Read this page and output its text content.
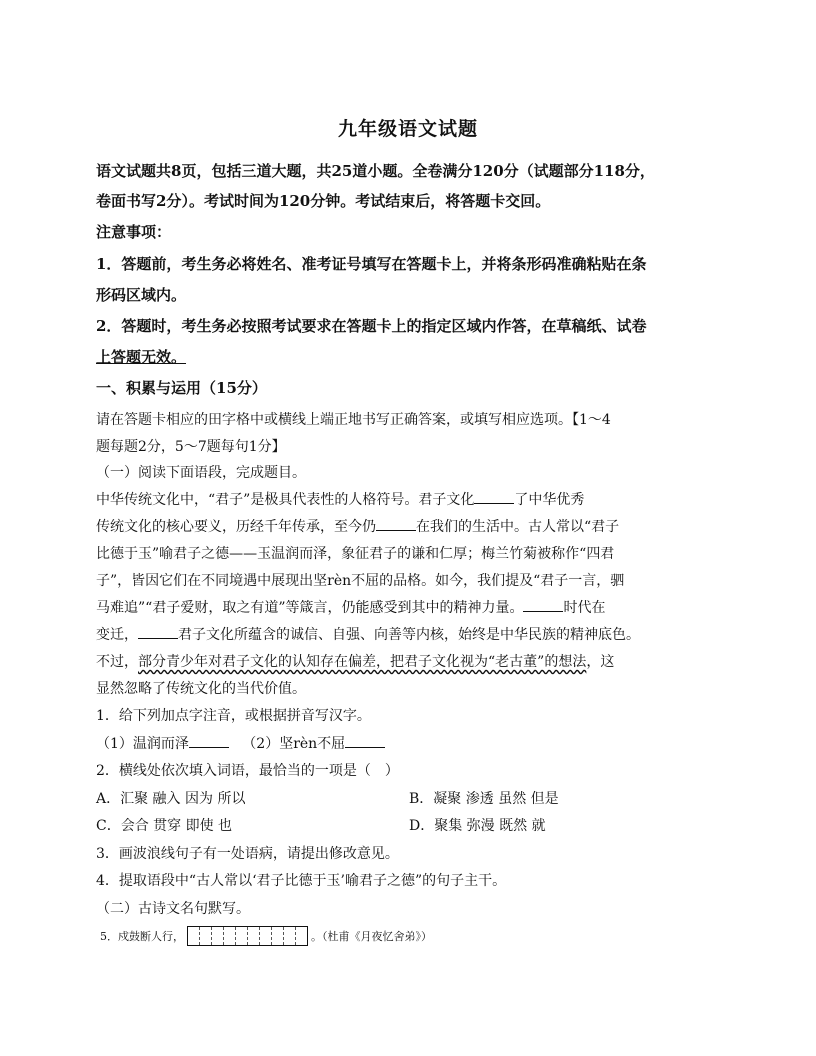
九年级语文试题
语文试题共8页，包括三道大题，共25道小题。全卷满分120分（试题部分118分，
卷面书写2分）。考试时间为120分钟。考试结束后，将答题卡交回。
注意事项：
1．答题前，考生务必将姓名、准考证号填写在答题卡上，并将条形码准确粘贴在条
形码区域内。
2．答题时，考生务必按照考试要求在答题卡上的指定区域内作答，在草稿纸、试卷
上答题无效。
一、积累与运用（15分）
请在答题卡相应的田字格中或横线上端正地书写正确答案，或填写相应选项。【1～4
题每题2分，5～7题每句1分】
（一）阅读下面语段，完成题目。
中华传统文化中，“君子”是极具代表性的人格符号。君子文化	了中华优秀
传统文化的核心要义，历经千年传承，至今仍	在我们的生活中。古人常以“君子
比德于玉”喻君子之德——玉温润而泽，象征君子的谦和仁厚；梅兰竹菊被称作“四君
子”，皆因它们在不同境遇中展现出坚rèn不屈的品格。如今，我们提及“君子一言，驷
马难追”“君子爱财，取之有道”等箴言，仍能感受到其中的精神力量。	时代在
变迁，	君子文化所蕴含的诚信、自强、向善等内核，始终是中华民族的精神底色。
不过，部分青少年对君子文化的认知存在偏差，把君子文化视为“老古董”的想法，这
显然忽略了传统文化的当代价值。
1．给下列加点字注音，或根据拼音写汉字。
（1）温润而泽	（2）坚rèn不屈
2．横线处依次填入词语，最恰当的一项是（　）
A．汇聚 融入 因为 所以	B．凝聚 渗透 虽然 但是
C．会合 贯穿 即使 也	D．聚集 弥漫 既然 就
3．画波浪线句子有一处语病，请提出修改意见。
4．提取语段中“古人常以‘君子比德于玉’喻君子之德”的句子主干。
（二）古诗文名句默写。
5．戍鼓断人行，	。（杜甫《月夜忆舍弟》）
